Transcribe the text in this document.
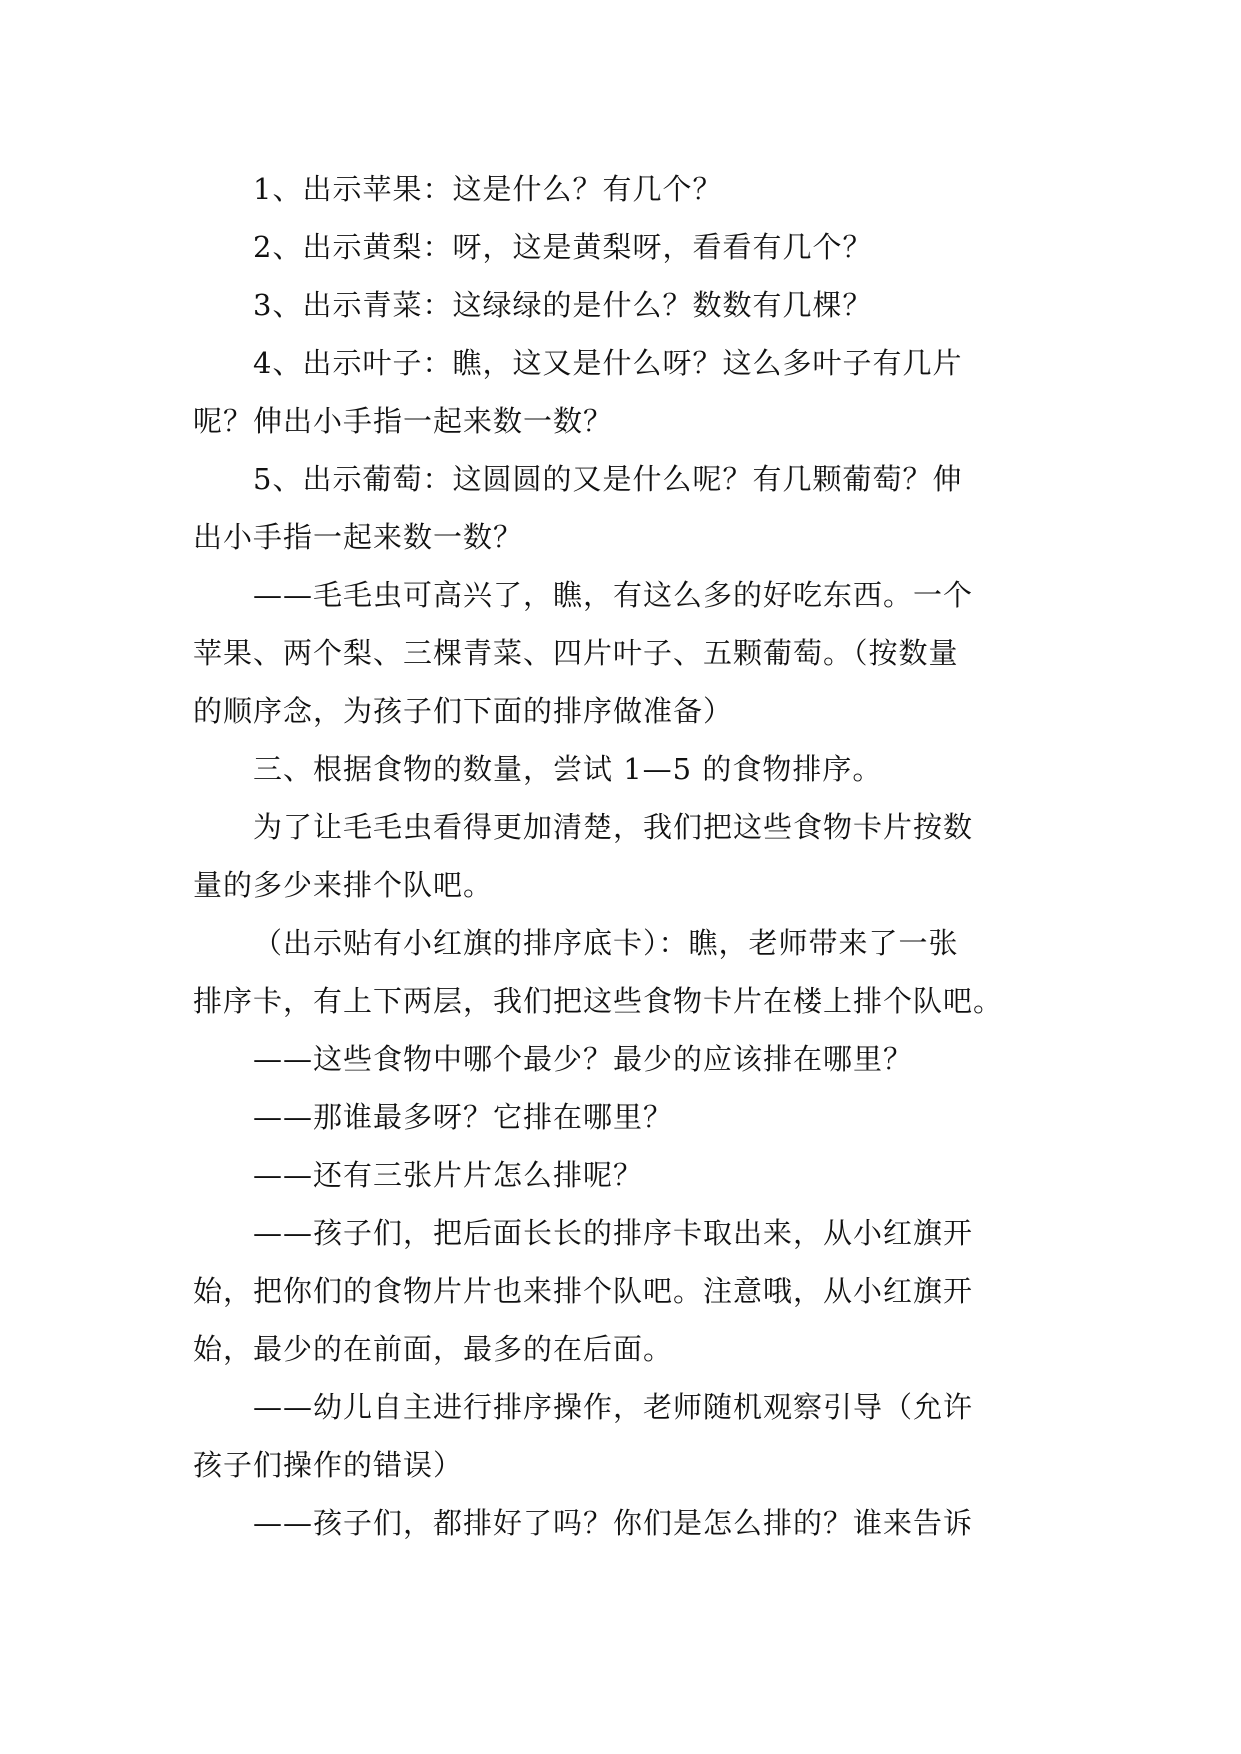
1、出示苹果：这是什么？有几个？
2、出示黄梨：呀，这是黄梨呀，看看有几个？
3、出示青菜：这绿绿的是什么？数数有几棵？
4、出示叶子：瞧，这又是什么呀？这么多叶子有几片
呢？伸出小手指一起来数一数？
5、出示葡萄：这圆圆的又是什么呢？有几颗葡萄？伸
出小手指一起来数一数？
——毛毛虫可高兴了，瞧，有这么多的好吃东西。一个
苹果、两个梨、三棵青菜、四片叶子、五颗葡萄。（按数量
的顺序念，为孩子们下面的排序做准备）
三、根据食物的数量，尝试 1—5 的食物排序。
为了让毛毛虫看得更加清楚，我们把这些食物卡片按数
量的多少来排个队吧。
（出示贴有小红旗的排序底卡）：瞧，老师带来了一张
排序卡，有上下两层，我们把这些食物卡片在楼上排个队吧。
——这些食物中哪个最少？最少的应该排在哪里？
——那谁最多呀？它排在哪里？
——还有三张片片怎么排呢？
——孩子们，把后面长长的排序卡取出来，从小红旗开
始，把你们的食物片片也来排个队吧。注意哦，从小红旗开
始，最少的在前面，最多的在后面。
——幼儿自主进行排序操作，老师随机观察引导（允许
孩子们操作的错误）
——孩子们，都排好了吗？你们是怎么排的？谁来告诉
